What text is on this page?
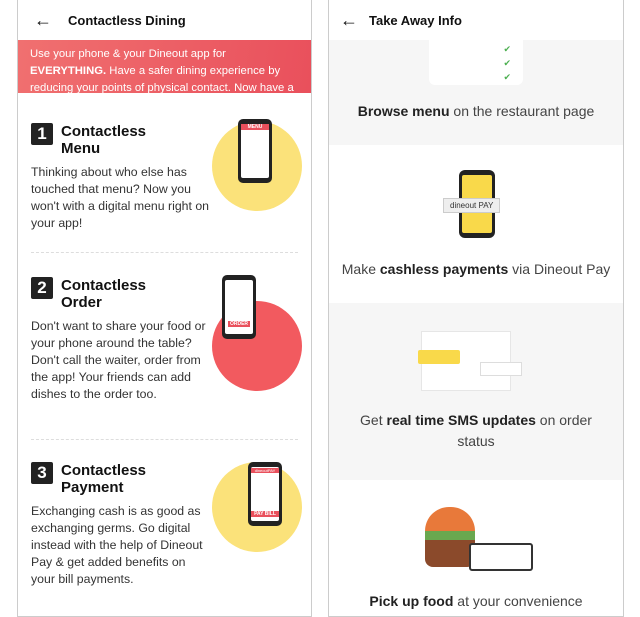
←	Contactless Dining
Use your phone & your Dineout app for EVERYTHING. Have a safer dining experience by reducing your points of physical contact. Now have a feast with contact-least!
1 Contactless Menu
Thinking about who else has touched that menu? Now you won't with a digital menu right on your app!
MENU
2 Contactless Order
Don't want to share your food or your phone around the table? Don't call the waiter, order from the app! Your friends can add dishes to the order too.
ORDER
3 Contactless Payment
Exchanging cash is as good as exchanging germs. Go digital instead with the help of Dineout Pay & get added benefits on your bill payments.
dineoutPAY
PAY BILL
← Take Away Info
✔
✔
✔
Browse menu on the restaurant page
dineout PAY
Make cashless payments via Dineout Pay
Get real time SMS updates on order status
Pick up food at your convenience
